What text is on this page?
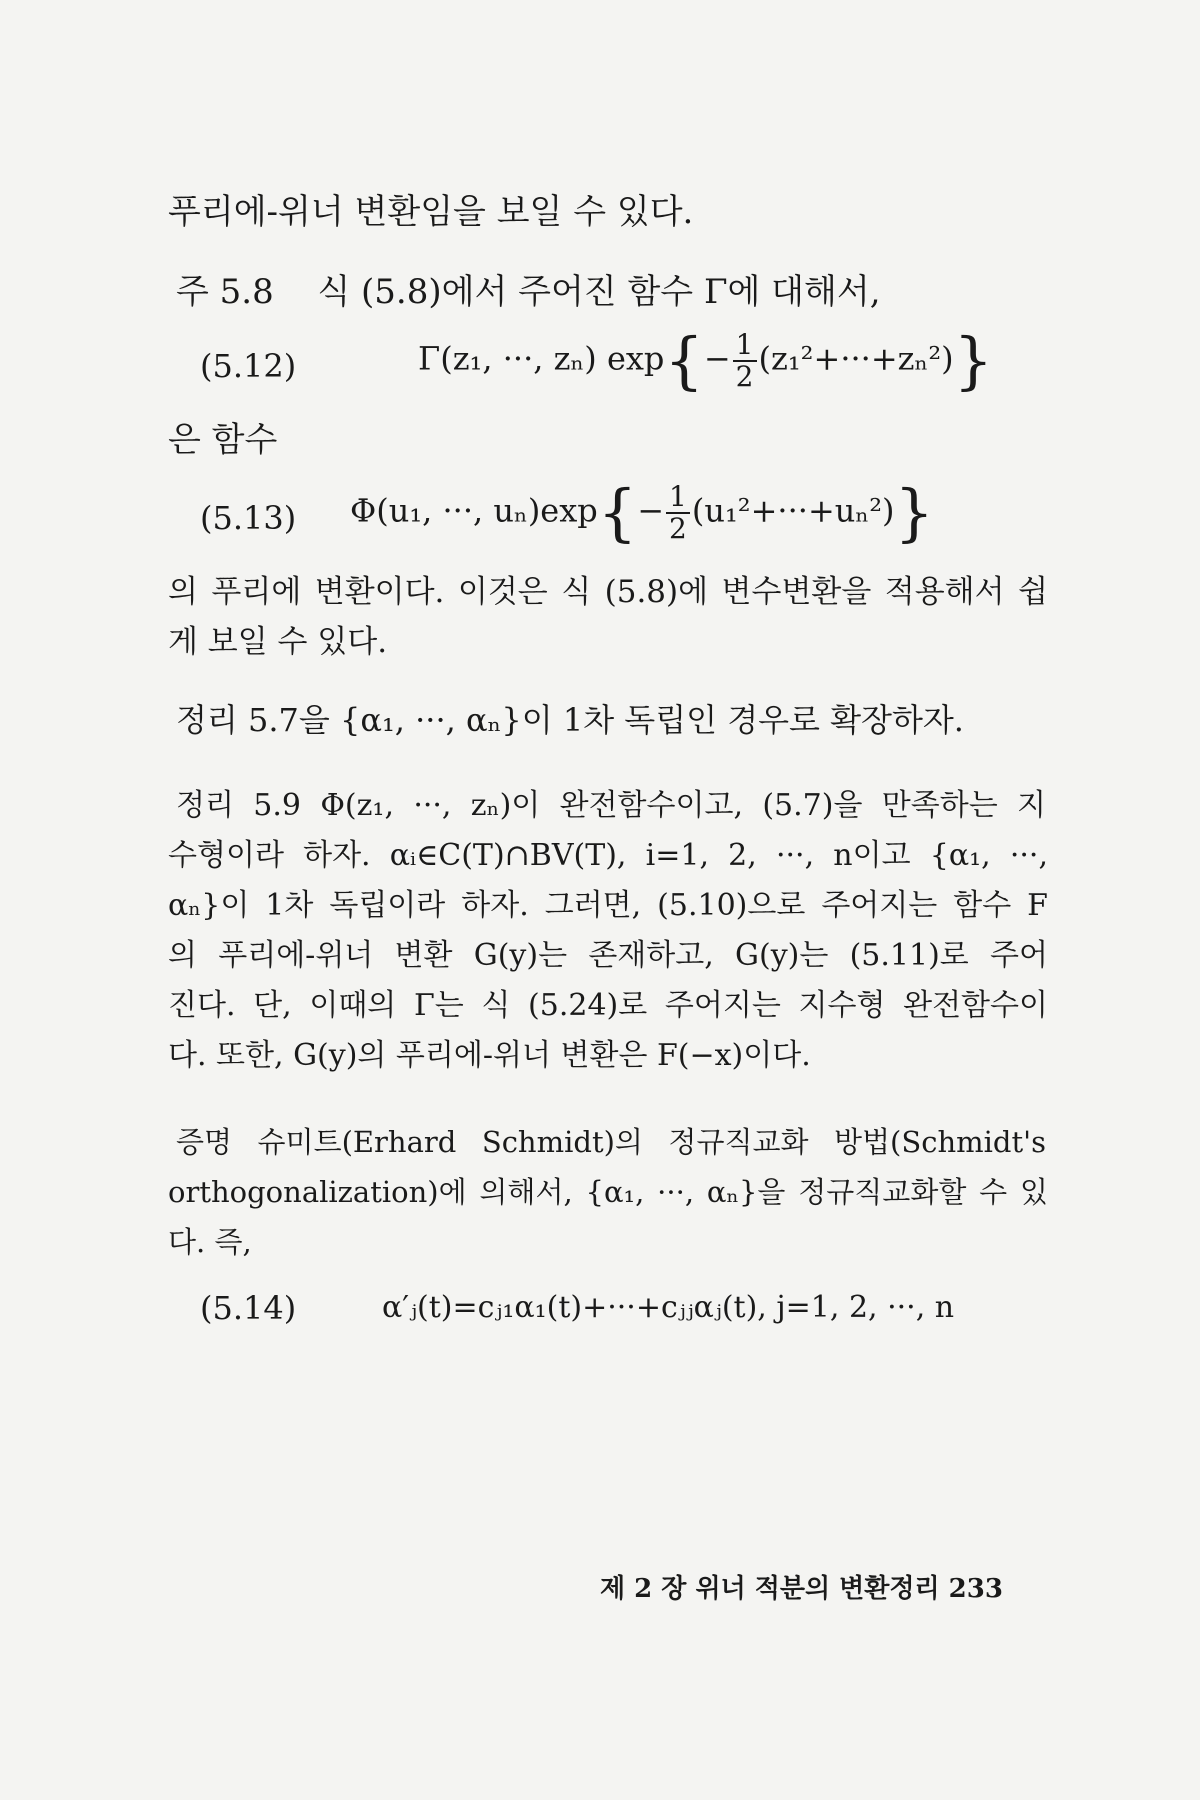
푸리에-위너 변환임을 보일 수 있다.
주 5.8 식 (5.8)에서 주어진 함수 Γ에 대해서,
(5.12)	Γ(z₁, ···, zₙ) $\exp\{- \frac{1}{2} (z_1^2+\cdot\cdot\cdot+z_n^2)\}$
은 함수
(5.13) Φ(u₁, ···, $u_n)\exp\{- \frac{1}{2} (u_1^2+\cdot\cdot\cdot+u_n^2)\}$
의 푸리에 변환이다. 이것은 식 (5.8)에 변수변환을 적용해서 쉽
게 보일 수 있다.
정리 5.7을 {α₁, ···, αₙ}이 1차 독립인 경우로 확장하자.
정리 5.9 Φ(z₁, ···, zₙ)이 완전함수이고, (5.7)을 만족하는 지
수형이라 하자. αᵢ∈C(T)∩BV(T), i=1, 2, ···, n이고 {α₁, ···,
αₙ}이 1차 독립이라 하자. 그러면, (5.10)으로 주어지는 함수 F
의 푸리에-위너 변환 G(y)는 존재하고, G(y)는 (5.11)로 주어
진다. 단, 이때의 Γ는 식 (5.24)로 주어지는 지수형 완전함수이
다. 또한, G(y)의 푸리에-위너 변환은 F(−x)이다.
증명 슈미트(Erhard Schmidt)의 정규직교화 방법(Schmidt's
orthogonalization)에 의해서, {α₁, ···, αₙ}을 정규직교화할 수 있
다. 즉,
(5.14)	α′ⱼ(t)=cⱼ₁α₁(t)+···+cⱼⱼαⱼ(t), j=1, 2, ···, n
제 2 장 위너 적분의 변환정리 233
